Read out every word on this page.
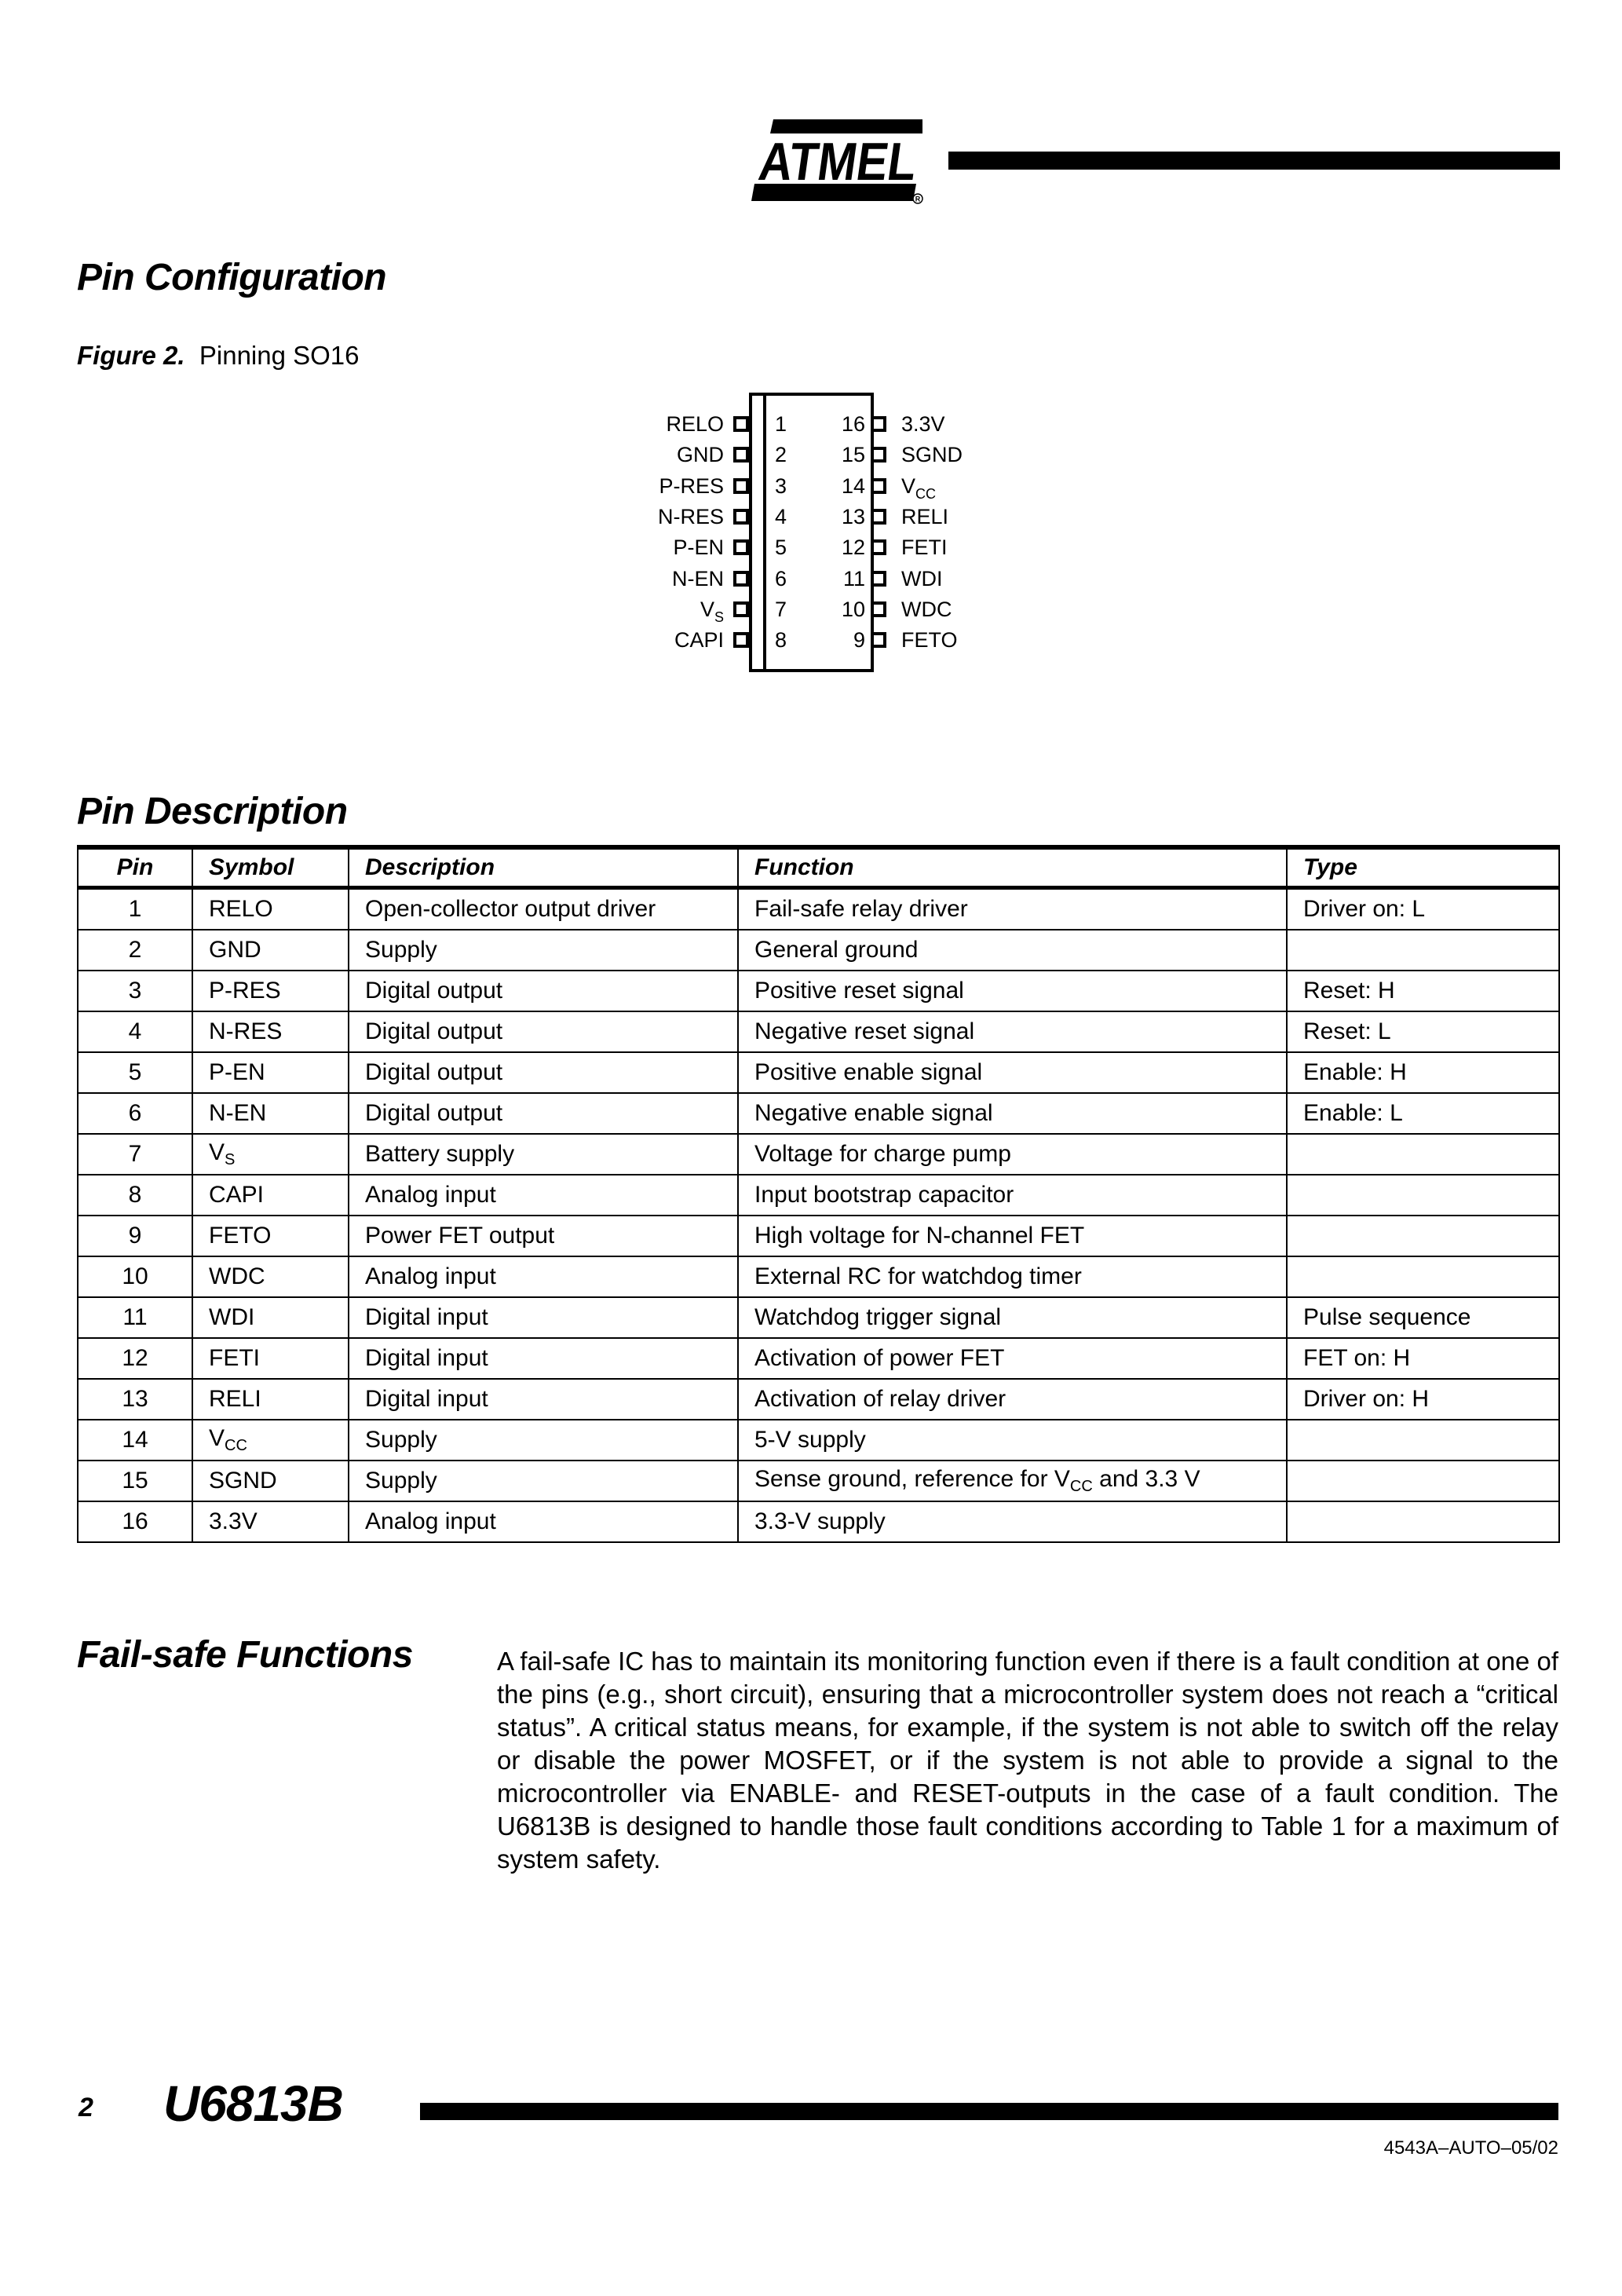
ATMEL
R
Pin Configuration
Figure 2. Pinning SO16
RELO 1
GND 2
P-RES 3
N-RES 4
P-EN 5
N-EN 6
$V_S$ 7
CAPI 8
3.3V
16
SGND
15
$V_{CC}$
14
RELI
13
FETI
12
WDI
11
WDC
10
FETO
9
Pin Description
Pin	Symbol	Description	Function	Type
1	RELO	Open-collector output driver	Fail-safe relay driver	Driver on: L
2	GND	Supply	General ground	
3	P-RES	Digital output	Positive reset signal	Reset: H
4	N-RES	Digital output	Negative reset signal	Reset: L
5	P-EN	Digital output	Positive enable signal	Enable: H
6	N-EN	Digital output	Negative enable signal	Enable: L
7	$V_S$	Battery supply	Voltage for charge pump	
8	CAPI	Analog input	Input bootstrap capacitor	
9	FETO	Power FET output	High voltage for N-channel FET	
10	WDC	Analog input	External RC for watchdog timer	
11	WDI	Digital input	Watchdog trigger signal	Pulse sequence
12	FETI	Digital input	Activation of power FET	FET on: H
13	RELI	Digital input	Activation of relay driver	Driver on: H
14	$V_{CC}$	Supply	5-V supply	
15	SGND	Supply	Sense ground, reference for $V_{CC}$ and 3.3 V	
16	3.3V	Analog input	3.3-V supply	
Fail-safe Functions	A fail-safe IC has to maintain its monitoring function even if there is a fault condition at one of the pins (e.g., short circuit), ensuring that a microcontroller system does not reach a “critical status”. A critical status means, for example, if the system is not able to switch off the relay or disable the power MOSFET, or if the system is not able to provide a signal to the microcontroller via ENABLE- and RESET-outputs in the case of a fault condition. The U6813B is designed to handle those fault conditions according to Table 1 for a maximum of system safety.
2 U6813B
4543A–AUTO–05/02
